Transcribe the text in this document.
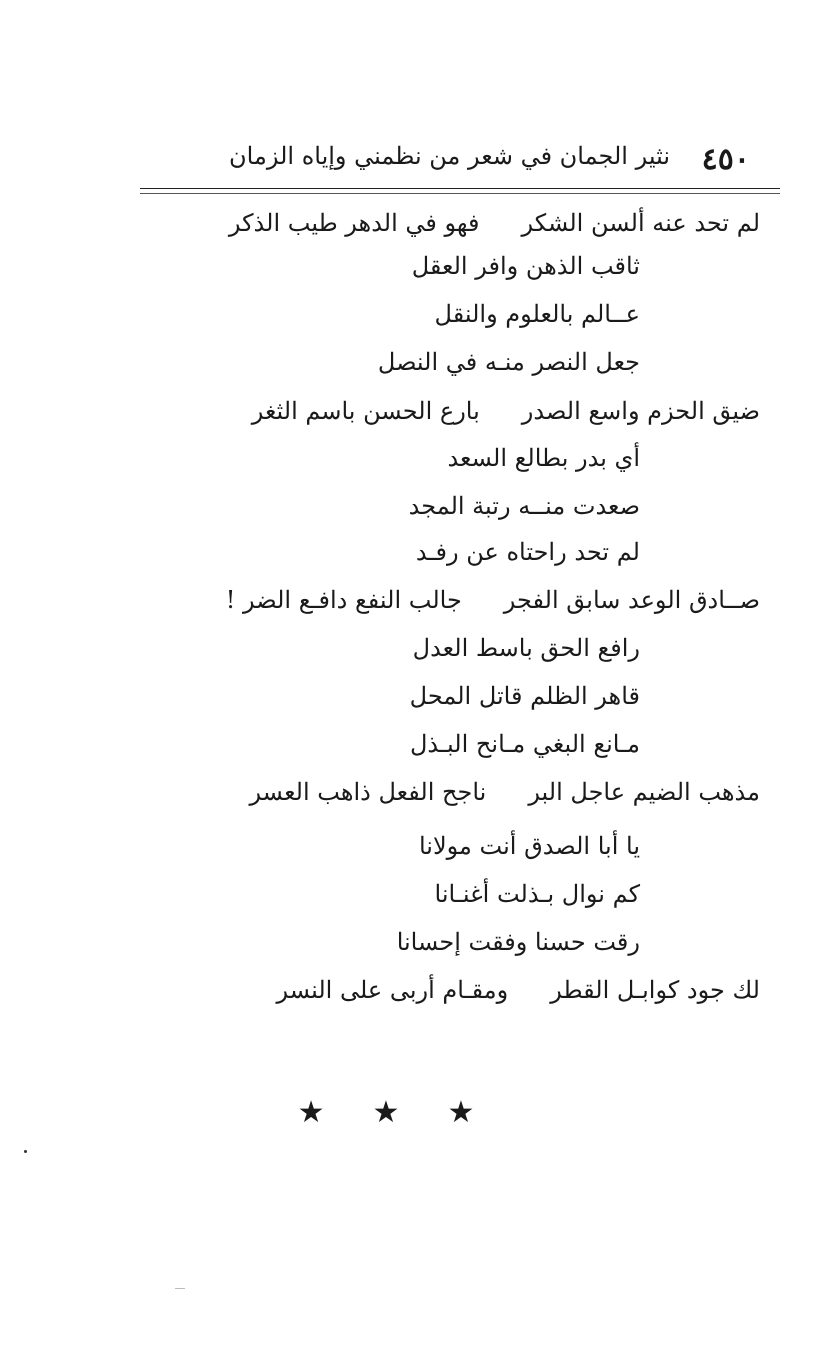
٤٥٠
نثير الجمان في شعر من نظمني وإياه الزمان
لم تحد عنه ألسن الشكرفهو في الدهر طيب الذكر
ثاقب الذهن وافر العقل
عــالم بالعلوم والنقل
جعل النصر منـه في النصل
ضيق الحزم واسع الصدربارع الحسن باسم الثغر
أي بدر بطالع السعد
صعدت منــه رتبة المجد
لم تحد راحتاه عن رفـد
صــادق الوعد سابق الفجرجالب النفع دافـع الضر !
رافع الحق باسط العدل
قاهر الظلم قاتل المحل
مـانع البغي مـانح البـذل
مذهب الضيم عاجل البرناجح الفعل ذاهب العسر
يا أبا الصدق أنت مولانا
كم نوال بـذلت أغنـانا
رقت حسنا وفقت إحسانا
لك جود كوابـل القطرومقـام أربى على النسر
★★★
